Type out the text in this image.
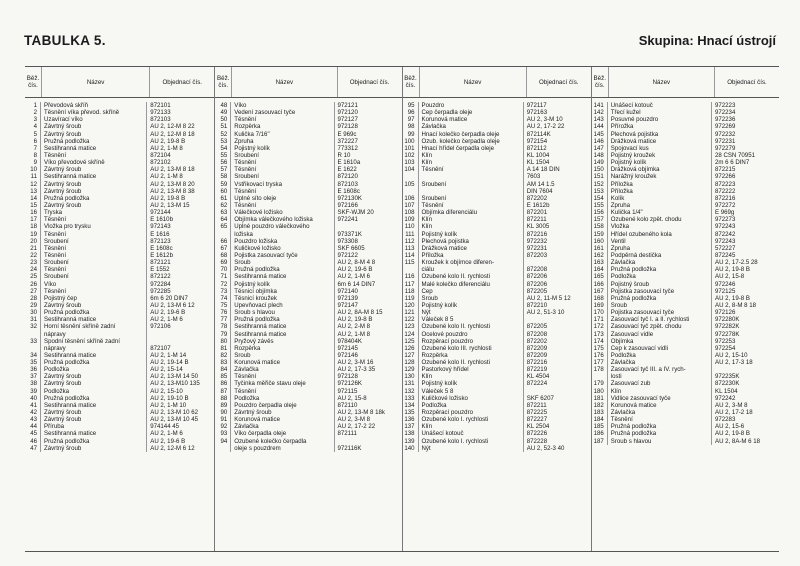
TABULKA 5.	Skupina: Hnací ústrojí
Běž. čís.	Název	Objednací čís.
1	Převodová skříň	872101
2	Těsnění víka převod. skříně	972133
3	Uzavírací víko	872103
4	Závrtný šroub	AU 2, 12-M 8 22
5	Závrtný šroub	AU 2, 12-M 8 18
6	Pružná podložka	AU 2, 19-8 B
7	Šestihranná matice	AU 2, 1-M 8
8	Těsnění	872104
9	Víko převodové skříně	872102
10	Závrtný šroub	AU 2, 13-M 8 18
11	Šestihranná matice	AU 2, 1-M 8
12	Závrtný šroub	AU 2, 13-M 8 20
13	Závrtný šroub	AU 2, 13-M 8 38
14	Pružná podložka	AU 2, 19-8 B
15	Závrtný šroub	AU 2, 13-M 15
16	Tryska	972144
17	Těsnění	E 1610b
18	Vložka pro trysku	972143
19	Těsnění	E 1616
20	Šroubení	872123
21	Těsnění	E 1608c
22	Těsnění	E 1612b
23	Šroubení	872121
24	Těsnění	E 1552
25	Šroubení	872122
26	Víko	972284
27	Těsnění	972285
28	Pojistný čep	6m 6 20 DIN7
29	Závrtný šroub	AU 2, 13-M 6 12
30	Pružná podložka	AU 2, 19-6 B
31	Šestihranná matice	AU 2, 1-M 6
32	Horní těsnění skříně zadní	972106
nápravy
33	Spodní těsnění skříně zadní
nápravy	872107
34	Šestihranná matice	AU 2, 1-M 14
35	Pružná podložka	AU 2, 19-14 B
36	Podložka	AU 2, 15-14
37	Závrtný šroub	AU 2, 13-M 14 50
38	Závrtný šroub	AU 2, 13-M10 135
39	Podložka	AU 2, 15-10
40	Pružná podložka	AU 2, 19-10 B
41	Šestihranná matice	AU 2, 1-M 10
42	Závrtný šroub	AU 2, 13-M 10 62
43	Závrtný šroub	AU 2, 13-M 10 45
44	Příruba	974144 45
45	Šestihranná matice	AU 2, 1-M 6
46	Pružná podložka	AU 2, 19-6 B
47	Závrtný šroub	AU 2, 12-M 6 12
Běž. čís.	Název	Objednací čís.
48	Víko	972121
49	Vedení zasouvací tyče	972120
50	Těsnění	972127
51	Rozpěrka	972128
52	Kulička 7/16"	E 969c
53	Zpruha	372227
54	Pojistný kolík	773312
55	Šroubení	R 10
56	Těsnění	E 1610a
57	Těsnění	E 1622
58	Šroubení	872120
59	Vstřikovací tryska	872103
60	Těsnění	E 1608c
61	Úplné síto oleje	972130K
62	Těsnění	972166
63	Válečkové ložisko	SKF-WJM 20
64	Objímka válečkového ložiska	972241
65	Úplné pouzdro válečkového
ložiska	973371K
66	Pouzdro ložiska	973308
67	Kuličkové ložisko	SKF 6605
68	Pojistka zasouvací tyče	972122
69	Šroub	AU 2, 8-M 4 8
70	Pružná podložka	AU 2, 19-6 B
71	Šestihranná matice	AU 2, 1-M 6
72	Pojistný kolík	6m 6 14 DIN7
73	Těsnicí objímka	972140
74	Těsnicí kroužek	972139
75	Upevňovací plech	972147
76	Šroub s hlavou	AU 2, 8A-M 8 15
77	Pružná podložka	AU 2, 19-8 B
78	Šestihranná matice	AU 2, 2-M 8
79	Šestihranná matice	AU 2, 1-M 8
80	Pryžový závěs	978404K
81	Rozpěrka	972145
82	Šroub	972146
83	Korunová matice	AU 2, 3-M 16
84	Závlačka	AU 2, 17-3 35
85	Těsnění	972128
86	Tyčinka měřiče stavu oleje	972126K
87	Těsnění	972115
88	Podložka	AU 2, 15-8
89	Pouzdro čerpadla oleje	872110
90	Závrtný šroub	AU 2, 13-M 8 18k
91	Korunová matice	AU 2, 3-M 8
92	Závlačka	AU 2, 17-2 22
93	Víko čerpadla oleje	872111
94	Ozubené kolečko čerpadla
oleje s pouzdrem	972116K
Běž. čís.	Název	Objednací čís.
95	Pouzdro	972117
96	Čep čerpadla oleje	972163
97	Korunová matice	AU 2, 3-M 10
98	Závlačka	AU 2, 17-2 22
99	Hnací kolečko čerpadla oleje	872114K
100	Ozub. kolečko čerpadla oleje	972154
101	Hnací hřídel čerpadla oleje	872112
102	Klín	KL 1004
103	Klín	KL 1504
104	Těsnění	A 14 18 DIN
7603
105	Šroubení	AM 14 1.5
DIN 7604
106	Šroubení	872202
107	Těsnění	E 1612b
108	Objímka diferenciálu	872201
109	Klín	872211
110	Klín	KL 3005
111	Pojistný kolík	872216
112	Plechová pojistka	972232
113	Drážková matice	972231
114	Příložka	872203
115	Kroužek k objímce diferen-
ciálu	872208
116	Ozubené kolo II. rychlosti	872206
117	Malé kolečko diferenciálu	872206
118	Čep	872205
119	Šroub	AU 2, 11-M 5 12
120	Pojistný kolík	872210
121	Nýt	AU 2, 51-3 10
122	Váleček 8 5
123	Ozubené kolo II. rychlosti	872205
124	Ocelové pouzdro	872208
125	Rozpěrací pouzdro	872202
126	Ozubené kolo III. rychlosti	872209
127	Rozpěrka	872209
128	Ozubené kolo II. rychlosti	872216
129	Pastorkový hřídel	872219
130	Klín	KL 4504
131	Pojistný kolík	872224
132	Váleček 5 8
133	Kuličkové ložisko	SKF 6207
134	Podložka	872211
135	Rozpěrací pouzdro	872225
136	Ozubené kolo I. rychlosti	872227
137	Klín	KL 2504
138	Unášecí kotouč	872226
139	Ozubené kolo I. rychlosti	872228
140	Nýt	AU 2, 52-3 40
Běž. čís.	Název	Objednací čís.
141	Unášecí kotouč	972223
142	Třecí kužel	972234
143	Posuvné pouzdro	972236
144	Přírožka	972269
145	Plechová pojistka	972232
146	Drážková matice	972231
147	Spojovací kus	972279
148	Pojistný kroužek	28 ČSN 70951
149	Pojistný kolík	2m 6 6 DIN7
150	Drážková objímka	872215
151	Narážný kroužek	972266
152	Příložka	872223
153	Příložka	872222
154	Kolík	872216
155	Zpruha	972272
156	Kulička 1/4"	E 969g
157	Ozubené kolo zpět. chodu	972273
158	Vložka	972243
159	Hřídel ozubeného kola	872242
160	Ventil	972243
161	Zpruha	572227
162	Podpěrná destička	872245
163	Závlačka	AU 2, 17-2.5 28
164	Pružná podložka	AU 2, 19-8 B
165	Podložka	AU 2, 15-8
166	Pojistný šroub	972246
167	Pojistka zasouvací tyče	972125
168	Pružná podložka	AU 2, 19-8 B
169	Šroub	AU 2, 8-M 8 18
170	Pojistka zasouvací tyče	972126
171	Zasouvací tyč I. a II. rychlosti	972280K
172	Zasouvací tyč zpět. chodu	972282K
173	Zasouvací vidle	972278K
174	Objímka	972253
175	Čep k zasouvací vidli	972254
176	Podložka	AU 2, 15-10
177	Závlačka	AU 2, 17-3 18
178	Zasouvací tyč III. a IV. rych-
losti	972235K
179	Zasouvací zub	872230K
180	Klín	KL 1504
181	Vidlice zasouvací tyče	972242
182	Korunová matice	AU 2, 3-M 8
183	Závlačka	AU 2, 17-2 18
184	Těsnění	972283
185	Pružná podložka	AU 2, 15-6
186	Pružná podložka	AU 2, 19-8 B
187	Šroub s hlavou	AU 2, 8A-M 6 18
